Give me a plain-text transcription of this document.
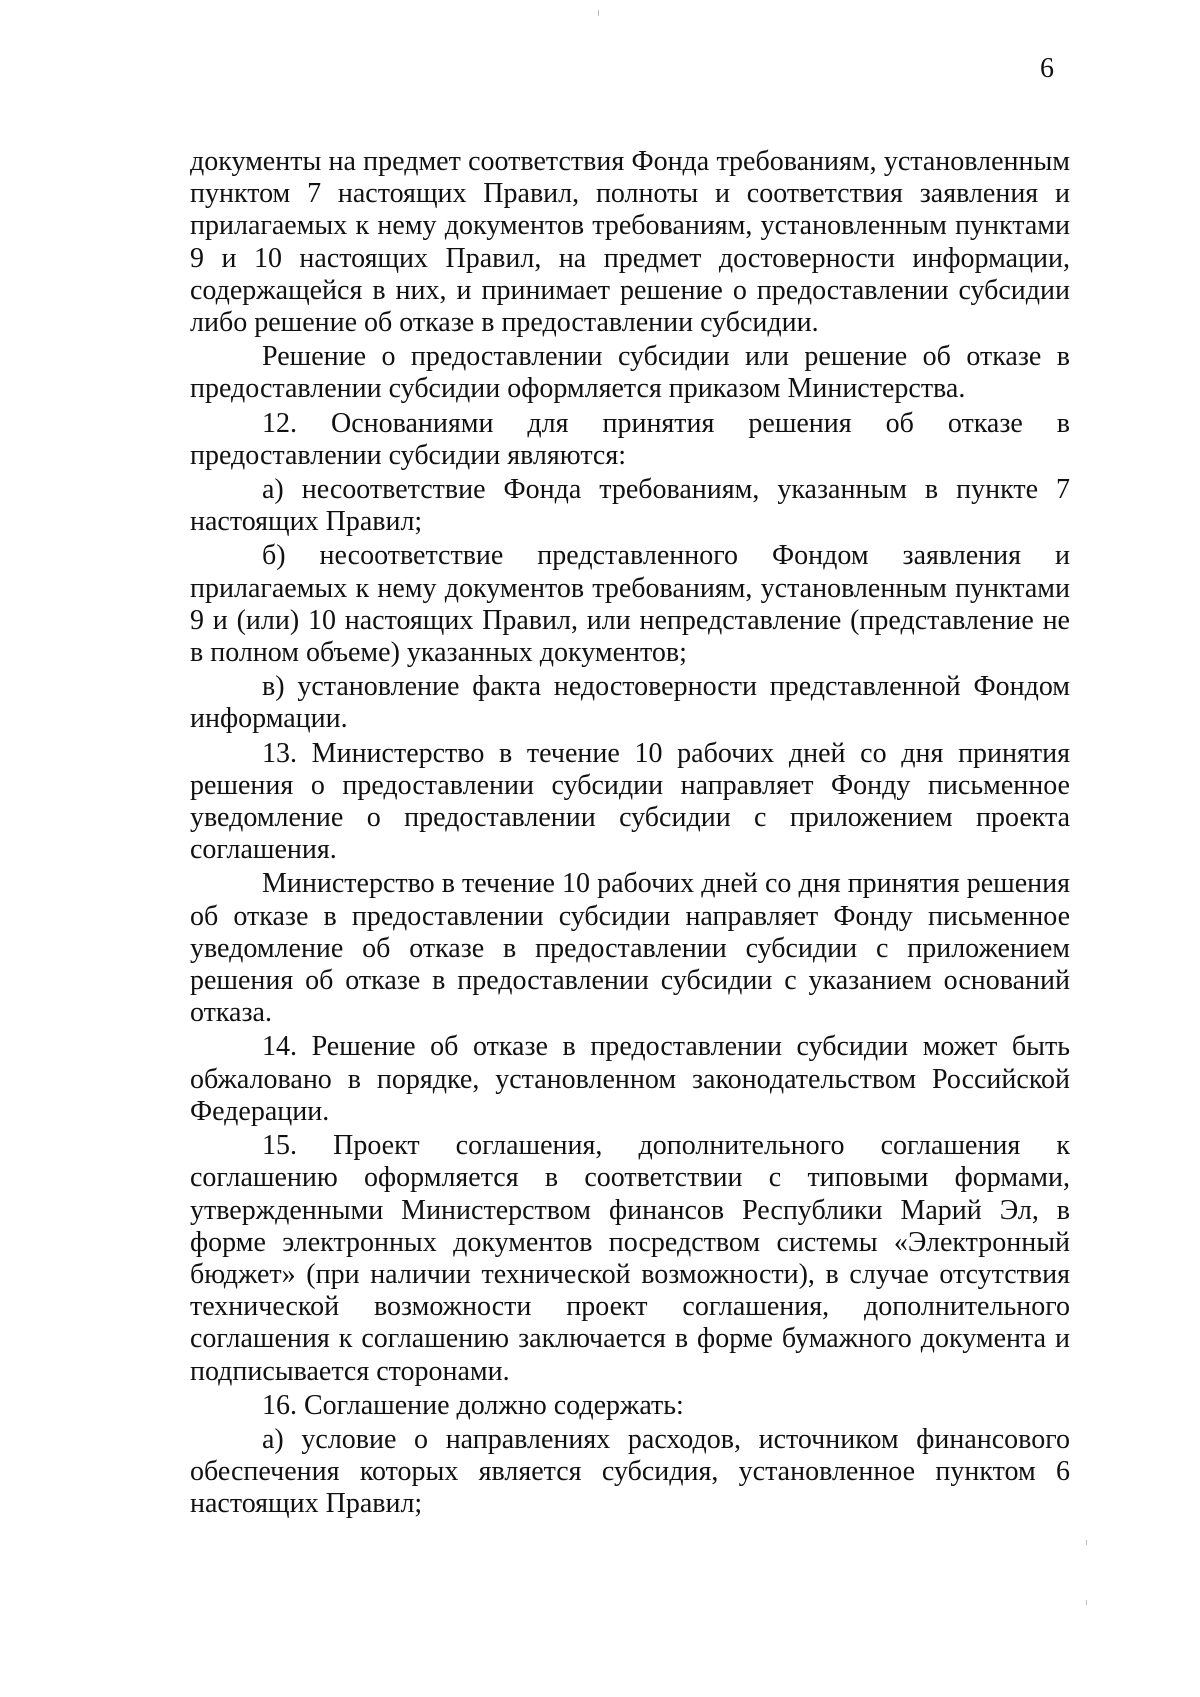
6

документы на предмет соответствия Фонда требованиям, установленным пунктом 7 настоящих Правил, полноты и соответствия заявления и прилагаемых к нему документов требованиям, установленным пунктами 9 и 10 настоящих Правил, на предмет достоверности информации, содержащейся в них, и принимает решение о предоставлении субсидии либо решение об отказе в предоставлении субсидии.

Решение о предоставлении субсидии или решение об отказе в предоставлении субсидии оформляется приказом Министерства.

12. Основаниями для принятия решения об отказе в предоставлении субсидии являются:

а) несоответствие Фонда требованиям, указанным в пункте 7 настоящих Правил;

б) несоответствие представленного Фондом заявления и прилагаемых к нему документов требованиям, установленным пунктами 9 и (или) 10 настоящих Правил, или непредставление (представление не в полном объеме) указанных документов;

в) установление факта недостоверности представленной Фондом информации.

13. Министерство в течение 10 рабочих дней со дня принятия решения о предоставлении субсидии направляет Фонду письменное уведомление о предоставлении субсидии с приложением проекта соглашения.

Министерство в течение 10 рабочих дней со дня принятия решения об отказе в предоставлении субсидии направляет Фонду письменное уведомление об отказе в предоставлении субсидии с приложением решения об отказе в предоставлении субсидии с указанием оснований отказа.

14. Решение об отказе в предоставлении субсидии может быть обжаловано в порядке, установленном законодательством Российской Федерации.

15. Проект соглашения, дополнительного соглашения к соглашению оформляется в соответствии с типовыми формами, утвержденными Министерством финансов Республики Марий Эл, в форме электронных документов посредством системы «Электронный бюджет» (при наличии технической возможности), в случае отсутствия технической возможности проект соглашения, дополнительного соглашения к соглашению заключается в форме бумажного документа и подписывается сторонами.

16. Соглашение должно содержать:

а) условие о направлениях расходов, источником финансового обеспечения которых является субсидия, установленное пунктом 6 настоящих Правил;
